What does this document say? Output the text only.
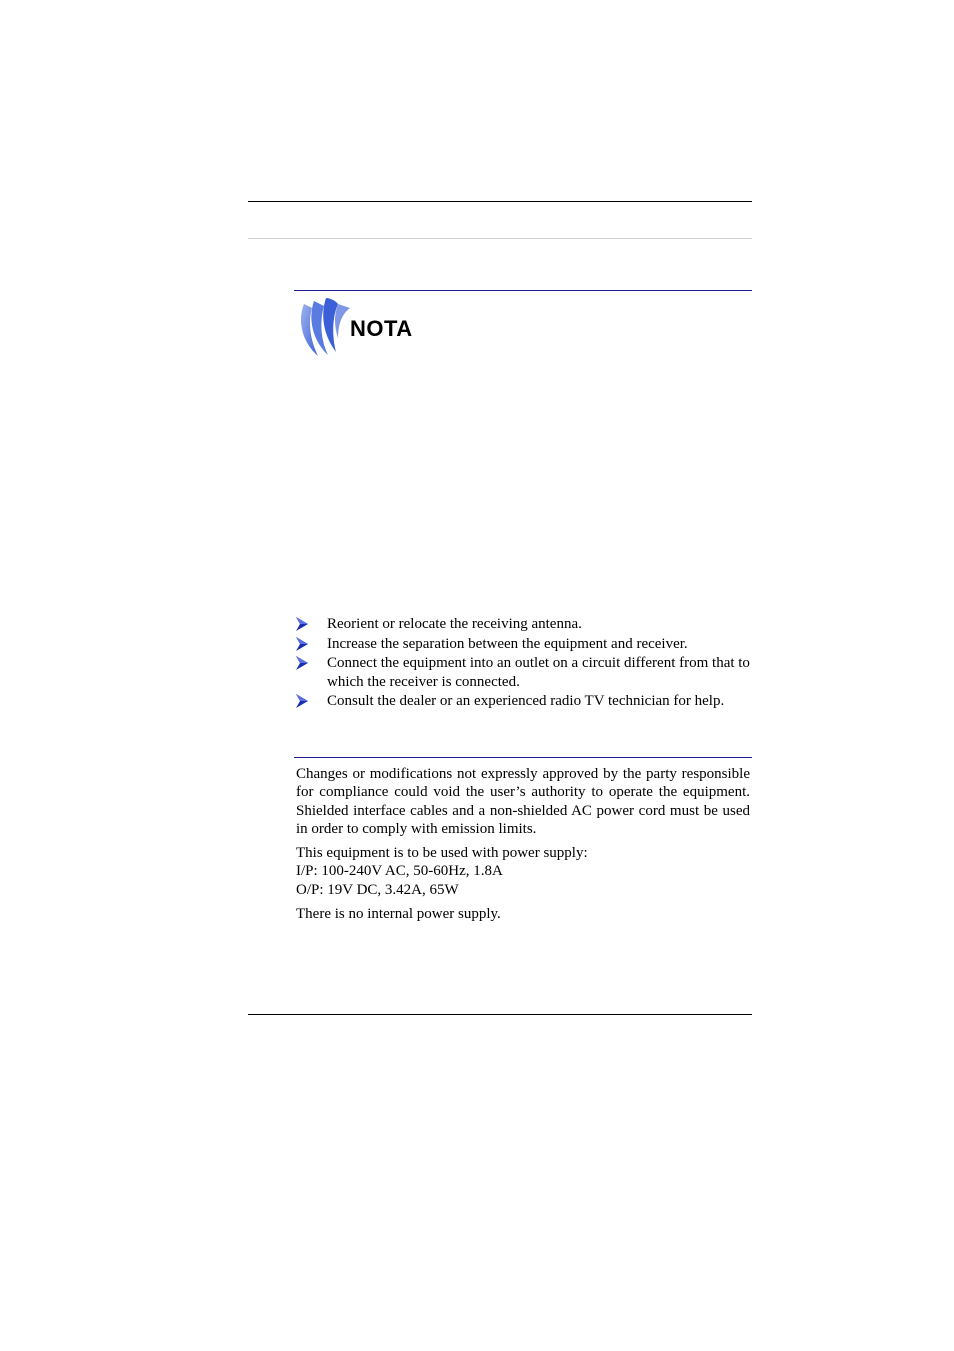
NOTA
Reorient or relocate the receiving antenna.
Increase the separation between the equipment and receiver.
Connect the equipment into an outlet on a circuit different from that to which the receiver is connected.
Consult the dealer or an experienced radio TV technician for help.

Changes or modifications not expressly approved by the party responsible for compliance could void the user’s authority to operate the equipment. Shielded interface cables and a non-shielded AC power cord must be used in order to comply with emission limits.

This equipment is to be used with power supply:
I/P: 100-240V AC, 50-60Hz, 1.8A
O/P: 19V DC, 3.42A, 65W

There is no internal power supply.
